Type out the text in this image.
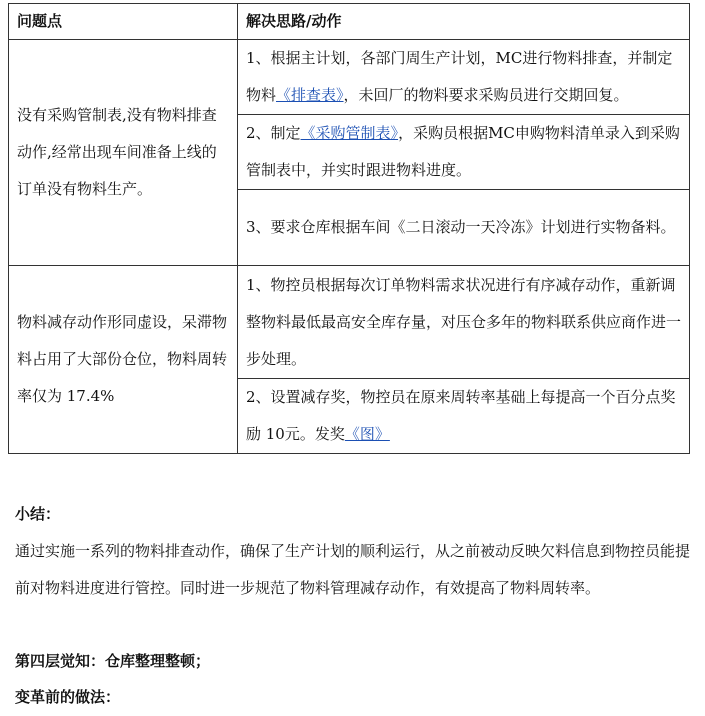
问题点	解决思路/动作
没有采购管制表,没有物料排查动作,经常出现车间准备上线的订单没有物料生产。	1、根据主计划，各部门周生产计划，MC进行物料排查，并制定物料《排查表》，未回厂的物料要求采购员进行交期回复。

	2、制定《采购管制表》，采购员根据MC申购物料清单录入到采购管制表中，并实时跟进物料进度。

	3、要求仓库根据车间《二日滚动一天冷冻》计划进行实物备料。

物料减存动作形同虚设，呆滞物料占用了大部份仓位，物料周转率仅为 17.4%	1、物控员根据每次订单物料需求状况进行有序减存动作，重新调整物料最低最高安全库存量，对压仓多年的物料联系供应商作进一步处理。

	2、设置减存奖，物控员在原来周转率基础上每提高一个百分点奖励 10元。发奖《图》
小结：
通过实施一系列的物料排查动作，确保了生产计划的顺利运行，从之前被动反映欠料信息到物控员能提前对物料进度进行管控。同时进一步规范了物料管理减存动作，有效提高了物料周转率。
第四层觉知：仓库整理整顿；
变革前的做法：
